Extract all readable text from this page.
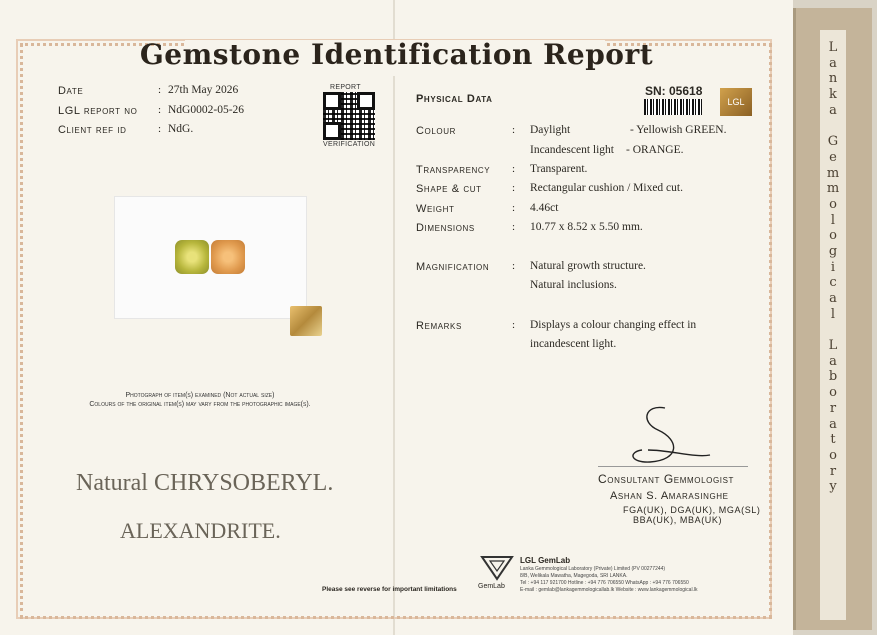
L
a
n
k
a
G
e
m
m
o
l
o
g
i
c
a
l
L
a
b
o
r
a
t
o
r
y
Gemstone Identification Report
Date	: 27th May 2026
LGL report no : NdG0002-05-26
Client ref id	: NdG.
REPORT
VERIFICATION
Photograph of item(s) examined (Not actual size)
Colours of the original item(s) may vary from the photographic image(s).
Natural CHRYSOBERYL.
ALEXANDRITE.
Physical Data
SN: 05618
LGL
Colour	: Daylight	- Yellowish GREEN.
Incandescent light - ORANGE.
Transparency : Transparent.
Shape & cut	: Rectangular cushion / Mixed cut.
Weight	: 4.46ct
Dimensions	: 10.77 x 8.52 x 5.50 mm.
Magnification : Natural growth structure.
Natural inclusions.
Remarks	: Displays a colour changing effect in
incandescent light.
Consultant Gemmologist
Ashan S. Amarasinghe
FGA(UK), DGA(UK), MGA(SL)
BBA(UK), MBA(UK)
Please see reverse for important limitations	GemLab
LGL GemLab
Lanka Gemmological Laboratory (Private) Limited (PV 00277244)
8/B, Welikala Mawatha, Magegoda, SRI LANKA.
Tel : +94 117 921700 Hotline : +94 776 706550 WhatsApp : +94 776 706550
E-mail : gemlab@lankagemmologicallab.lk Website : www.lankagemmological.lk
